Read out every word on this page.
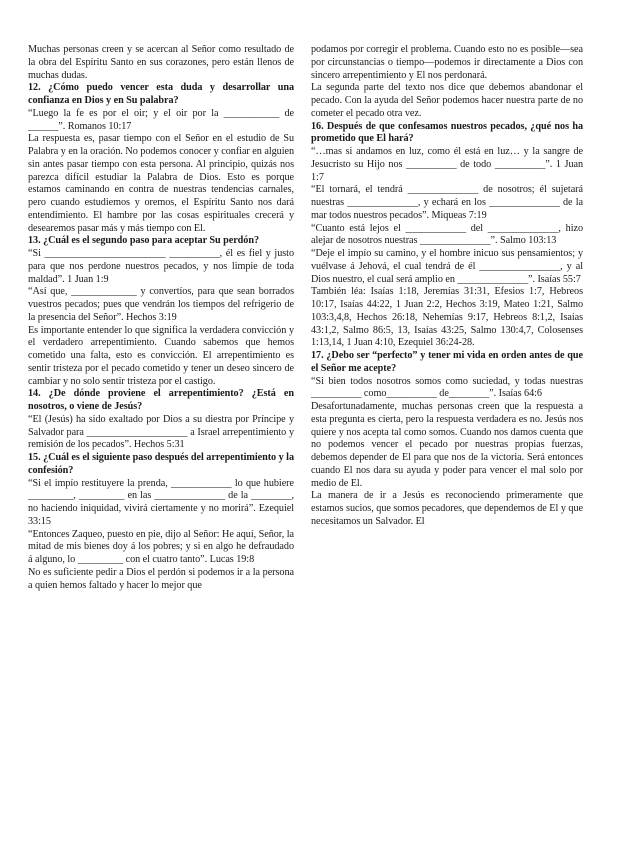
Muchas personas creen y se acercan al Señor como resultado de la obra del Espíritu Santo en sus corazones, pero están llenos de muchas dudas.

12. ¿Cómo puedo vencer esta duda y desarrollar una confianza en Dios y en Su palabra?

“Luego la fe es por el oir; y el oir por la ___________ de ______”. Romanos 10:17

La respuesta es, pasar tiempo con el Señor en el estudio de Su Palabra y en la oración. No podemos conocer y confiar en alguien sin antes pasar tiempo con esta persona. Al principio, quizás nos parezca difícil estudiar la Palabra de Dios. Esto es porque estamos caminando en contra de nuestras tendencias carnales, pero cuando estudiemos y oremos, el Espíritu Santo nos dará entendimiento. El hambre por las cosas espirituales crecerá y desearemos pasar más y más tiempo con El.

13. ¿Cuál es el segundo paso para aceptar Su perdón?

“Si ________________________ __________, él es fiel y justo para que nos perdone nuestros pecados, y nos limpie de toda maldad”. 1 Juan 1:9

“Así que, _____________ y convertíos, para que sean borrados vuestros pecados; pues que vendrán los tiempos del refrigerio de la presencia del Señor”. Hechos 3:19

Es importante entender lo que significa la verdadera convicción y el verdadero arrepentimiento. Cuando sabemos que hemos cometido una falta, esto es convicción. El arrepentimiento es sentir tristeza por el pecado cometido y tener un deseo sincero de cambiar y no solo sentir tristeza por el castigo.

14. ¿De dónde proviene el arrepentimiento? ¿Está en nosotros, o viene de Jesús?

“El (Jesús) ha sido exaltado por Dios a su diestra por Príncipe y Salvador para ____________________ a Israel arrepentimiento y remisión de los pecados”. Hechos 5:31

15. ¿Cuál es el siguiente paso después del arrepentimiento y la confesión?

“Si el impío restituyere la prenda, ____________ lo que hubiere _________, _________ en las ______________ de la ________, no haciendo iniquidad, vivirá ciertamente y no morirá”. Ezequiel 33:15

“Entonces Zaqueo, puesto en pie, dijo al Señor: He aquí, Señor, la mitad de mis bienes doy á los pobres; y si en algo he defraudado á alguno, lo _________ con el cuatro tanto”. Lucas 19:8

No es suficiente pedir a Dios el perdón si podemos ir a la persona a quien hemos faltado y hacer lo mejor que

podamos por corregir el problema. Cuando esto no es posible—sea por circunstancias o tiempo—podemos ir directamente a Dios con sincero arrepentimiento y El nos perdonará.

La segunda parte del texto nos dice que debemos abandonar el pecado. Con la ayuda del Señor podemos hacer nuestra parte de no cometer el pecado otra vez.

16. Después de que confesamos nuestros pecados, ¿qué nos ha prometido que El hará?

“…mas si andamos en luz, como él está en luz… y la sangre de Jesucristo su Hijo nos __________ de todo __________”. 1 Juan 1:7

“El tornará, el tendrá ______________ de nosotros; él sujetará nuestras ______________, y echará en los ______________ de la mar todos nuestros pecados”. Miqueas 7:19

“Cuanto está lejos el ____________ del ______________, hizo alejar de nosotros nuestras ______________”. Salmo 103:13

“Deje el impío su camino, y el hombre inicuo sus pensamientos; y vuélvase á Jehová, el cual tendrá de él ________________, y al Dios nuestro, el cual será amplio en ______________”. Isaías 55:7

También léa: Isaías 1:18, Jeremías 31:31, Efesios 1:7, Hebreos 10:17, Isaías 44:22, 1 Juan 2:2, Hechos 3:19, Mateo 1:21, Salmo 103:3,4,8, Hechos 26:18, Nehemías 9:17, Hebreos 8:1,2, Isaías 43:1,2, Salmo 86:5, 13, Isaías 43:25, Salmo 130:4,7, Colosenses 1:13,14, 1 Juan 4:10, Ezequiel 36:24-28.

17. ¿Debo ser “perfecto” y tener mi vida en orden antes de que el Señor me acepte?

“Si bien todos nosotros somos como suciedad, y todas nuestras __________ como__________ de________”. Isaías 64:6

Desafortunadamente, muchas personas creen que la respuesta a esta pregunta es cierta, pero la respuesta verdadera es no. Jesús nos quiere y nos acepta tal como somos. Cuando nos damos cuenta que no podemos vencer el pecado por nuestras propias fuerzas, debemos depender de El para que nos de la victoria. Será entonces cuando El nos dara su ayuda y poder para vencer el mal solo por medio de El.

La manera de ir a Jesús es reconociendo primeramente que estamos sucios, que somos pecadores, que dependemos de El y que necesitamos un Salvador. El
